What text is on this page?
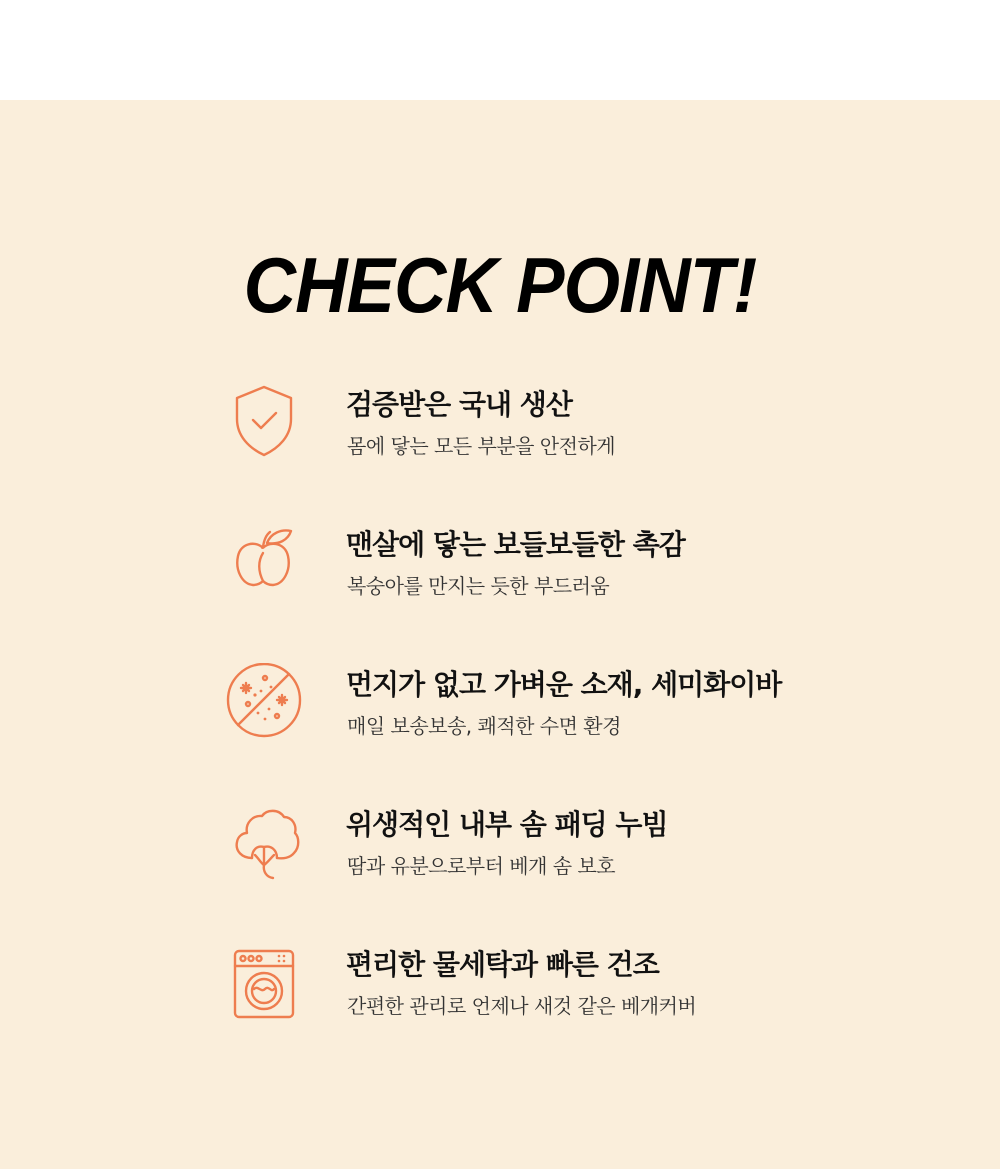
CHECK POINT!
검증받은 국내 생산
몸에 닿는 모든 부분을 안전하게
맨살에 닿는 보들보들한 촉감
복숭아를 만지는 듯한 부드러움
먼지가 없고 가벼운 소재, 세미화이바
매일 보송보송, 쾌적한 수면 환경
위생적인 내부 솜 패딩 누빔
땀과 유분으로부터 베개 솜 보호
편리한 물세탁과 빠른 건조
간편한 관리로 언제나 새것 같은 베개커버
